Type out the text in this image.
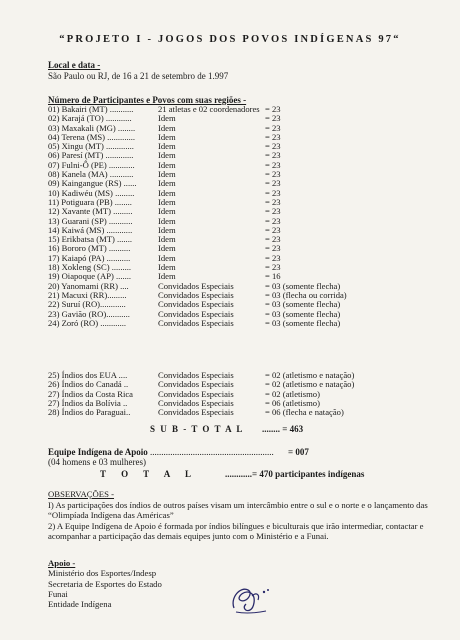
“PROJETO I - JOGOS DOS POVOS INDÍGENAS 97“
Local e data -
São Paulo ou RJ, de 16 a 21 de setembro de 1.997
Número de Participantes e Povos com suas regiões -
01) Bakairi (MT) ...........	21 atletas e 02 coordenadores = 23
02) Karajá (TO) ............	Idem	= 23
03) Maxakali (MG) ........	Idem	= 23
04) Terena (MS) .............	Idem	= 23
05) Xingu (MT) .............	Idem	= 23
06) Paresí (MT) .............	Idem	= 23
07) Fulni-Ô (PE) ............	Idem	= 23
08) Kanela (MA) ...........	Idem	= 23
09) Kaingangue (RS) ...... Idem	= 23
10) Kadiwéu (MS) .........	Idem	= 23
11) Potiguara (PB) ........	Idem	= 23
12) Xavante (MT) .........	Idem	= 23
13) Guarani (SP) ...........	Idem	= 23
14) Kaiwá (MS) ............	Idem	= 23
15) Erikbatsa (MT) .......	Idem	= 23
16) Bororo (MT) ..........	Idem	= 23
17) Kaiapó (PA) ...........	Idem	= 23
18) Xokleng (SC) .........	Idem	= 23
19) Oiapoque (AP) .......	Idem	= 16
20) Yanomami (RR) ....	Convidados Especiais	= 03 (somente flecha)
21) Macuxi (RR).........	Convidados Especiais	= 03 (flecha ou corrida)
22) Suruí (RO)............	Convidados Especiais	= 03 (somente flecha)
23) Gavião (RO)...........	Convidados Especiais	= 03 (somente flecha)
24) Zoró (RO) ............	Convidados Especiais	= 03 (somente flecha)
25) Índios dos EUA ....	Convidados Especiais	= 02 (atletismo e natação)
26) Índios do Canadá ..	Convidados Especiais	= 02 (atletismo e natação)
27) Índios da Costa Rica	Convidados Especiais	= 02 (atletismo)
27) Índios da Bolívia ..	Convidados Especiais	= 06 (atletismo)
28) Índios do Paraguai..	Convidados Especiais	= 06 (flecha e natação)
S U B - T O T A L ........ = 463
Equipe Indígena de Apoio ....................................................... = 007
(04 homens e 03 mulheres)
T O T A L	............= 470 participantes indígenas
OBSERVAÇÕES -

I) As participações dos índios de outros países visam um intercâmbio entre o sul e o norte e o lançamento das “Olimpíada Indígena das Américas”

2) A Equipe Indígena de Apoio é formada por índios bilíngues e biculturais que irão intermediar, contactar e acompanhar a participação das demais equipes junto com o Ministério e a Funai.

Apoio -
Ministério dos Esportes/Indesp
Secretaria de Esportes do Estado
Funai
Entidade Indígena
